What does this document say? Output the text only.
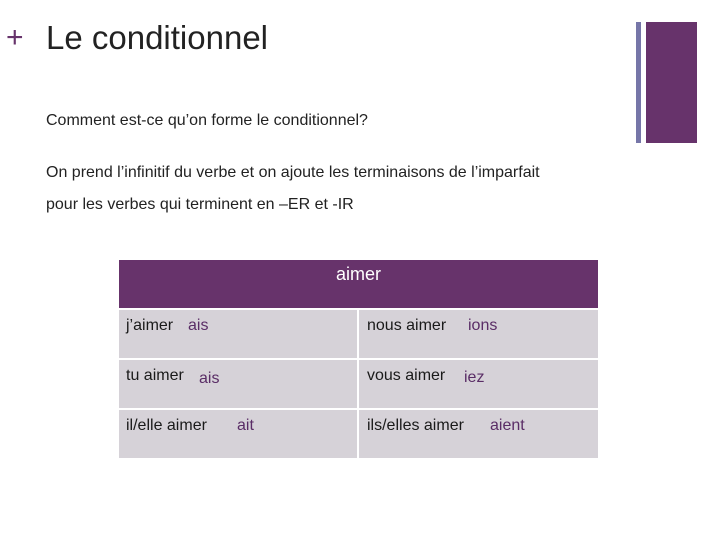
+ Le conditionnel
Comment est-ce qu’on forme le conditionnel?
On prend l’infinitif du verbe et on ajoute les terminaisons de l’imparfait
pour les verbes qui terminent en –ER et -IR
aimer
j’aimer ais	nous aimer ions
tu aimer ais	vous aimer iez
il/elle aimer ait	ils/elles aimer aient
